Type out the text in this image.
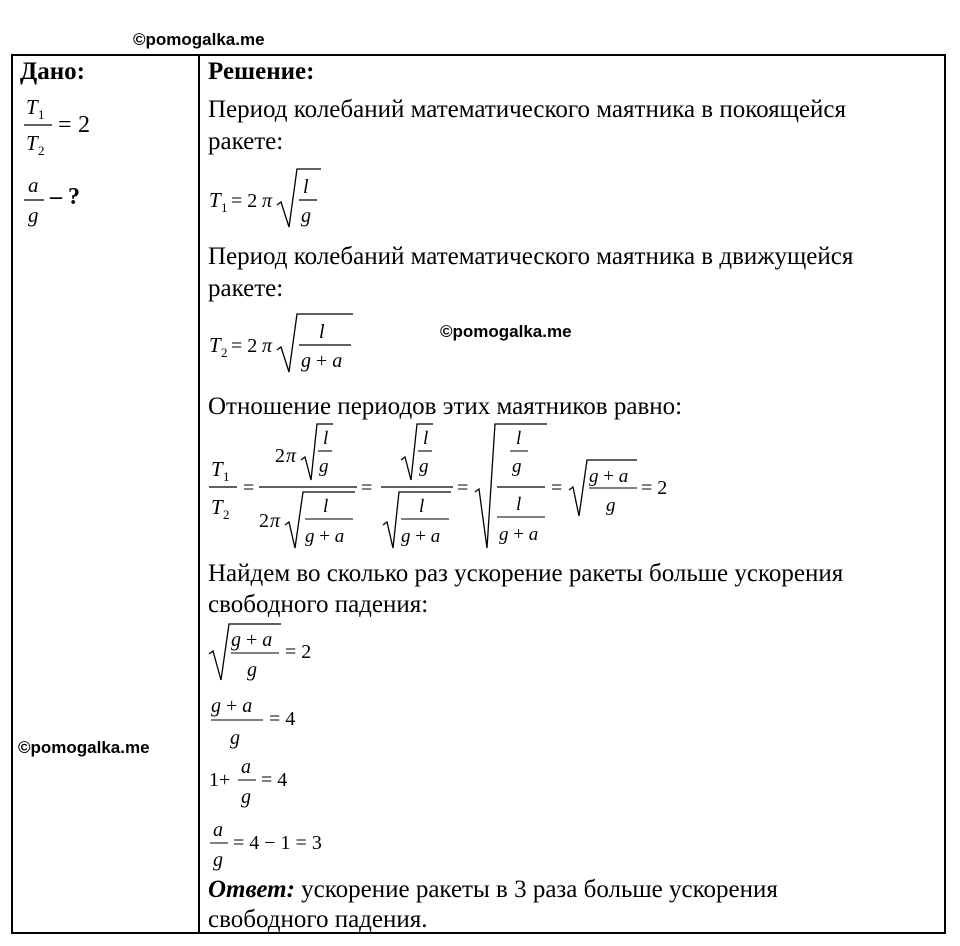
©pomogalka.me
©pomogalka.me
©pomogalka.me
Дано:
T 1
T 2
= 2
a
g
– ?
Решение:
Период колебаний математического маятника в покоящейся
ракете:
T 1 = 2 π
l
g
Период колебаний математического маятника в движущейся
ракете:
T 2 = 2 π
l
g + a
Отношение периодов этих маятников равно:
T 1
T 2
=
2 π
l
g
2 π
l
g + a
=
l
g
l
g + a
=
l
g
l
g + a
=
g + a
g
= 2
Найдем во сколько раз ускорение ракеты больше ускорения
свободного падения:
g + a
g
= 2
g + a
g
= 4
1+
a
g
= 4
a
g
= 4 − 1 = 3
Ответ: ускорение ракеты в 3 раза больше ускорения
свободного падения.
